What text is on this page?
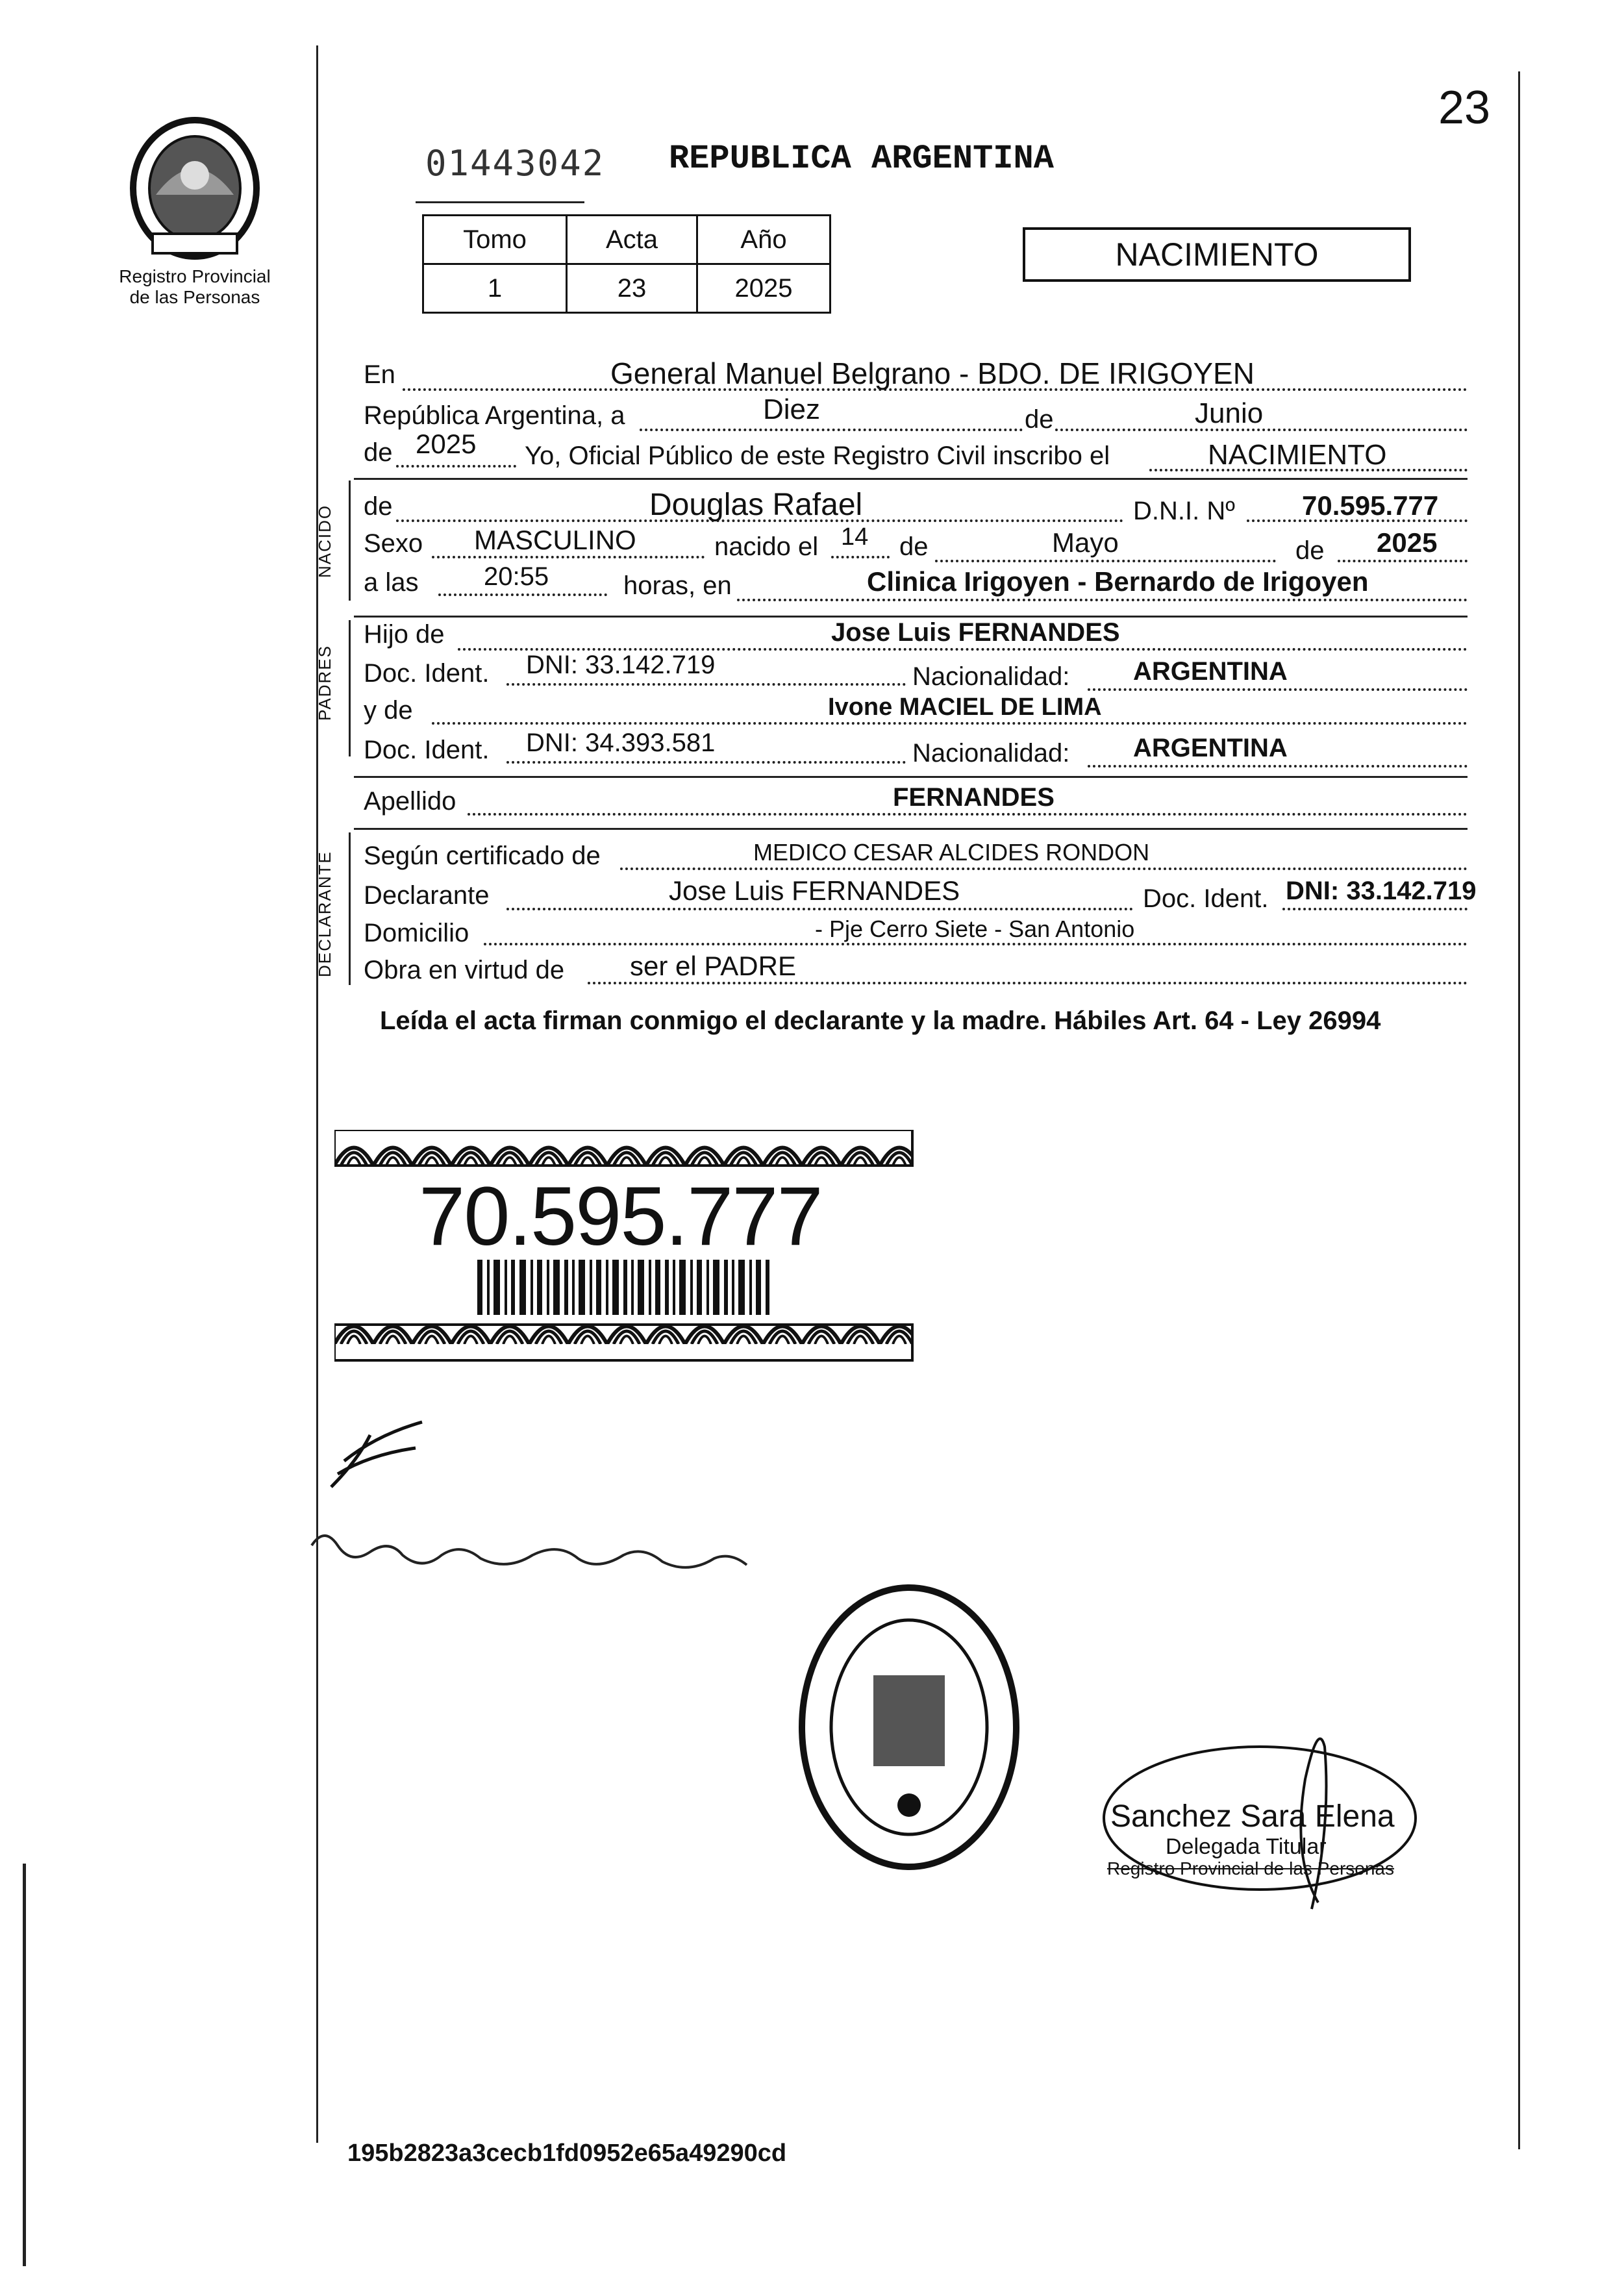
23
Registro Provincial
de las Personas
01443042 REPUBLICA ARGENTINA
Tomo	Acta	Año
1	23	2025
NACIMIENTO
En	General Manuel Belgrano - BDO. DE IRIGOYEN
República Argentina, a	Diez	de	Junio
de 2025 Yo, Oficial Público de este Registro Civil inscribo el	NACIMIENTO
NACIDO de	Douglas Rafael	D.N.I. Nº 70.595.777
Sexo MASCULINO	nacido el 14 de	Mayo	de 2025
a las	20:55	horas, en	Clinica Irigoyen - Bernardo de Irigoyen
PADRES
Hijo de	Jose Luis FERNANDES
Doc. Ident. DNI: 33.142.719	Nacionalidad: ARGENTINA
y de	Ivone MACIEL DE LIMA
Doc. Ident. DNI: 34.393.581	Nacionalidad: ARGENTINA
Apellido	FERNANDES
DECLARANTE Según certificado de	MEDICO CESAR ALCIDES RONDON
Declarante	Jose Luis FERNANDES	Doc. Ident. DNI: 33.142.719
Domicilio	- Pje Cerro Siete - San Antonio
Obra en virtud de ser el PADRE
Leída el acta firman conmigo el declarante y la madre. Hábiles Art. 64 - Ley 26994
70.595.777
Sanchez Sara Elena
Delegada Titular
Registro Provincial de las Personas
195b2823a3cecb1fd0952e65a49290cd
